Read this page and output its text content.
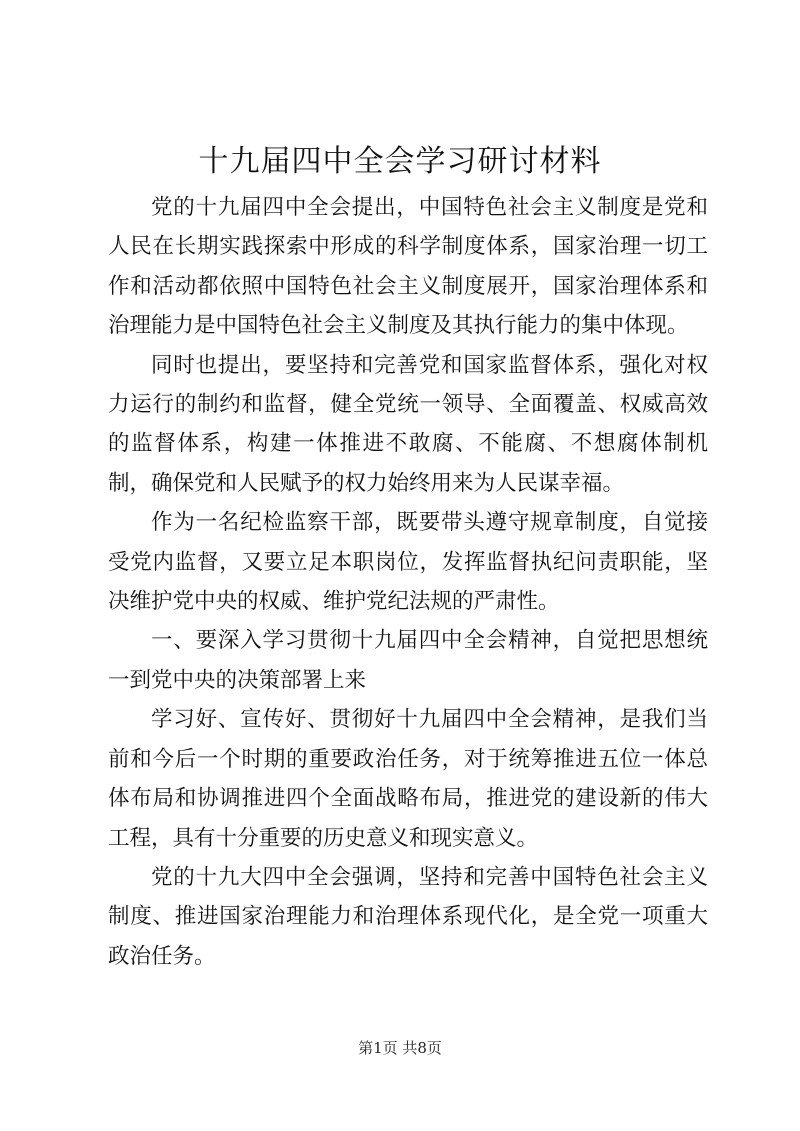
十九届四中全会学习研讨材料

党的十九届四中全会提出，中国特色社会主义制度是党和人民在长期实践探索中形成的科学制度体系，国家治理一切工作和活动都依照中国特色社会主义制度展开，国家治理体系和治理能力是中国特色社会主义制度及其执行能力的集中体现。

同时也提出，要坚持和完善党和国家监督体系，强化对权力运行的制约和监督，健全党统一领导、全面覆盖、权威高效的监督体系，构建一体推进不敢腐、不能腐、不想腐体制机制，确保党和人民赋予的权力始终用来为人民谋幸福。

作为一名纪检监察干部，既要带头遵守规章制度，自觉接受党内监督，又要立足本职岗位，发挥监督执纪问责职能，坚决维护党中央的权威、维护党纪法规的严肃性。

一、要深入学习贯彻十九届四中全会精神，自觉把思想统一到党中央的决策部署上来

学习好、宣传好、贯彻好十九届四中全会精神，是我们当前和今后一个时期的重要政治任务，对于统筹推进五位一体总体布局和协调推进四个全面战略布局，推进党的建设新的伟大工程，具有十分重要的历史意义和现实意义。

党的十九大四中全会强调，坚持和完善中国特色社会主义制度、推进国家治理能力和治理体系现代化，是全党一项重大政治任务。

第1页 共8页
